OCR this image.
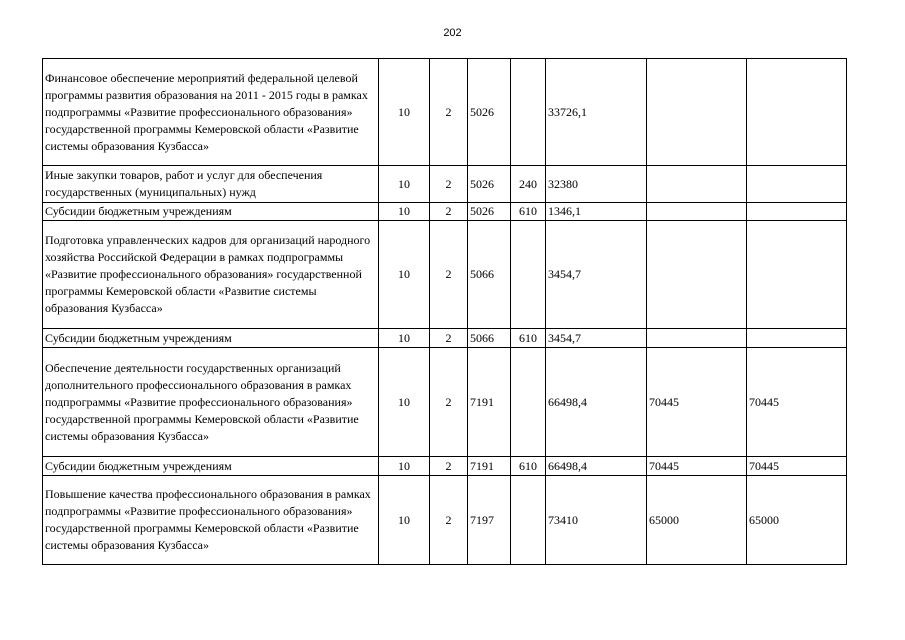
202
Финансовое обеспечение мероприятий федеральной целевой программы развития образования на 2011 - 2015 годы в рамках подпрограммы «Развитие профессионального образования» государственной программы Кемеровской области «Развитие системы образования Кузбасса»	10	2	5026		33726,1		
Иные закупки товаров, работ и услуг для обеспечения государственных (муниципальных) нужд	10	2	5026	240	32380		
Субсидии бюджетным учреждениям	10	2	5026	610	1346,1		
Подготовка управленческих кадров для организаций народного хозяйства Российской Федерации в рамках подпрограммы «Развитие профессионального образования» государственной программы Кемеровской области «Развитие системы образования Кузбасса»	10	2	5066		3454,7		
Субсидии бюджетным учреждениям	10	2	5066	610	3454,7		
Обеспечение деятельности государственных организаций дополнительного профессионального образования в рамках подпрограммы «Развитие профессионального образования» государственной программы Кемеровской области «Развитие системы образования Кузбасса»	10	2	7191		66498,4	70445	70445
Субсидии бюджетным учреждениям	10	2	7191	610	66498,4	70445	70445
Повышение качества профессионального образования в рамках подпрограммы «Развитие профессионального образования» государственной программы Кемеровской области «Развитие системы образования Кузбасса»	10	2	7197		73410	65000	65000
